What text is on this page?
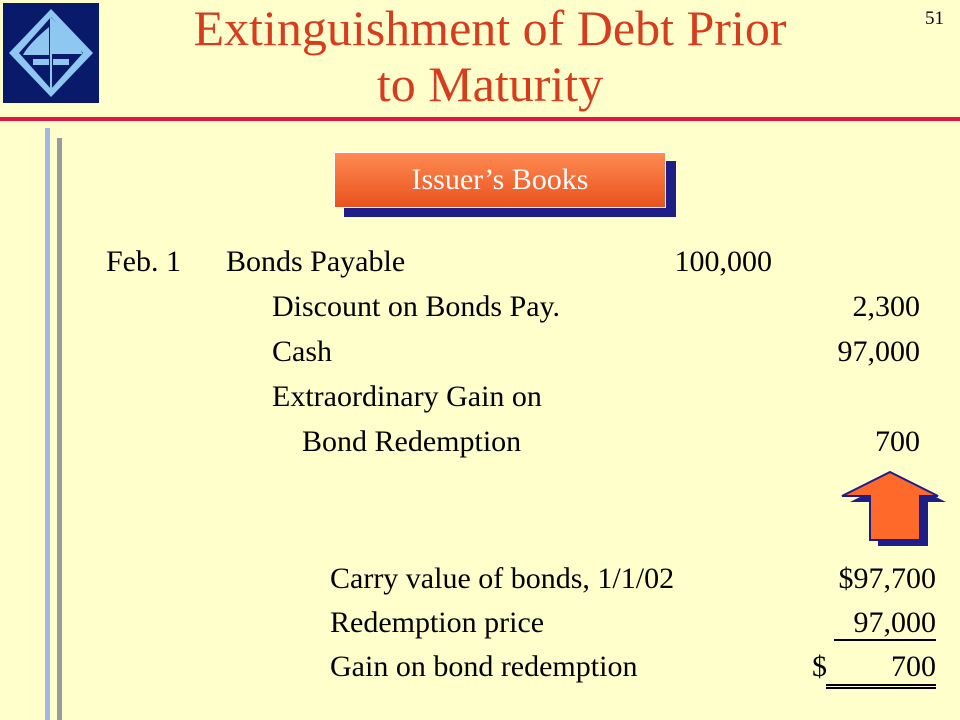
Extinguishment of Debt Prior
to Maturity
51
Issuer’s Books
Feb. 1 Bonds Payable	100,000
Discount on Bonds Pay.	2,300
Cash	97,000
Extraordinary Gain on
Bond Redemption	700
Carry value of bonds, 1/1/02	$97,700
Redemption price	97,000
Gain on bond redemption	$	700
